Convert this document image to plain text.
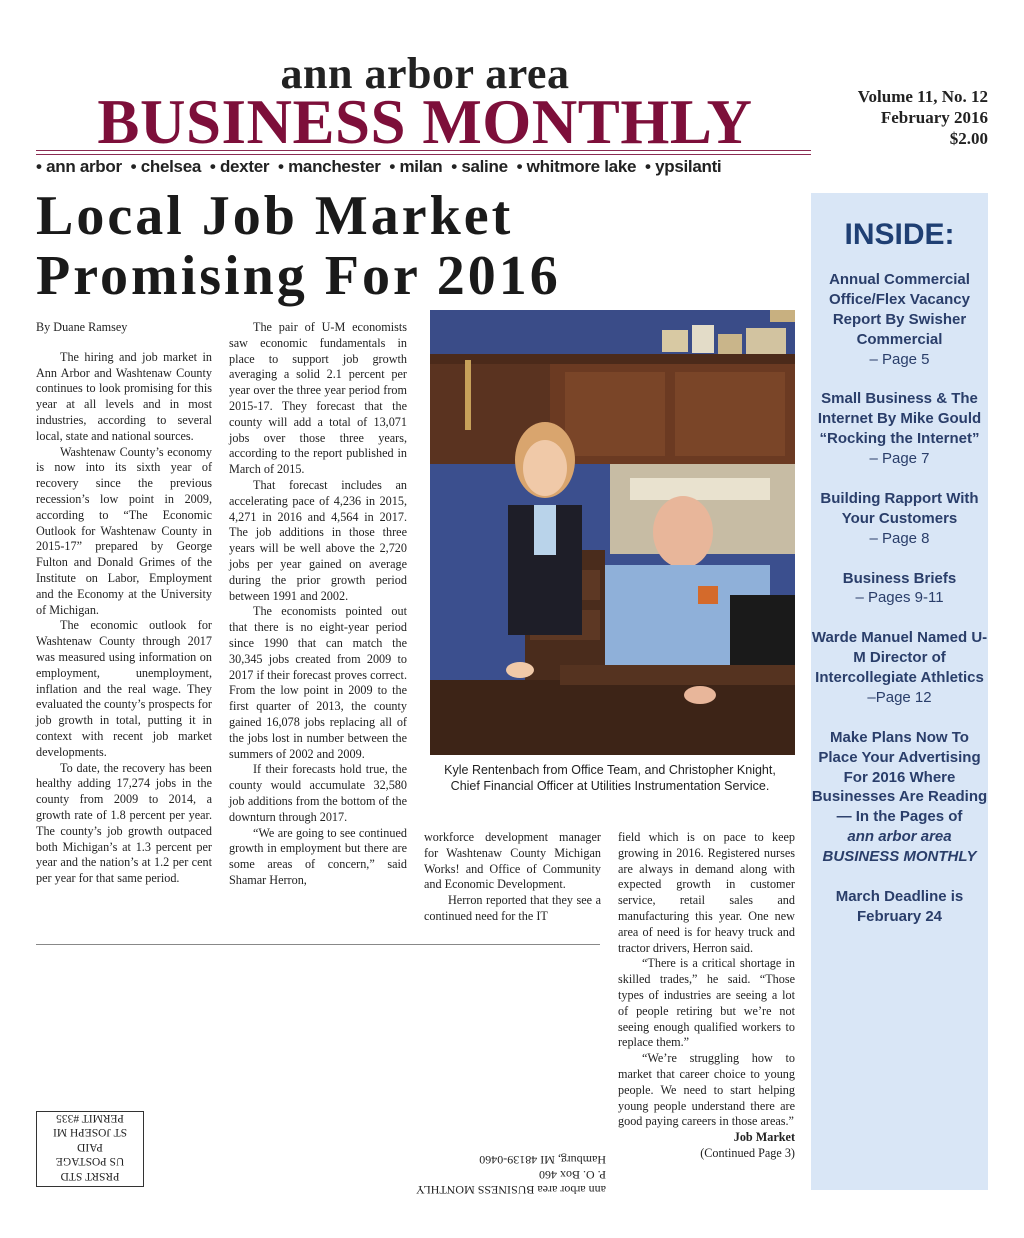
ann arbor area
BUSINESS MONTHLY
• ann arbor  • chelsea  • dexter  • manchester  • milan  • saline  • whitmore lake  • ypsilanti
Volume 11, No. 12
February 2016
$2.00
Local Job Market
Promising For 2016

By Duane Ramsey

The hiring and job market in Ann Arbor and Washtenaw County continues to look promising for this year at all levels and in most industries, according to several local, state and national sources.

Washtenaw County’s economy is now into its sixth year of recovery since the previous recession’s low point in 2009, according to “The Economic Outlook for Washtenaw County in 2015-17” prepared by George Fulton and Donald Grimes of the Institute on Labor, Employment and the Economy at the University of Michigan.

The economic outlook for Washtenaw County through 2017 was measured using information on employment, unemployment, inflation and the real wage. They evaluated the county’s prospects for job growth in total, putting it in context with recent job market developments.

To date, the recovery has been healthy adding 17,274 jobs in the county from 2009 to 2014, a growth rate of 1.8 percent per year. The county’s job growth outpaced both Michigan’s at 1.3 percent per year and the nation’s at 1.2 per cent per year for that same period.

The pair of U-M economists saw economic fundamentals in place to support job growth averaging a solid 2.1 percent per year over the three year period from 2015-17. They forecast that the county will add a total of 13,071 jobs over those three years, according to the report published in March of 2015.

That forecast includes an accelerating pace of 4,236 in 2015, 4,271 in 2016 and 4,564 in 2017. The job additions in those three years will be well above the 2,720 jobs per year gained on average during the prior growth period between 1991 and 2002.

The economists pointed out that there is no eight-year period since 1990 that can match the 30,345 jobs created from 2009 to 2017 if their forecast proves correct. From the low point in 2009 to the first quarter of 2013, the county gained 16,078 jobs replacing all of the jobs lost in number between the summers of 2002 and 2009.

If their forecasts hold true, the county would accumulate 32,580 job additions from the bottom of the downturn through 2017.

“We are going to see continued growth in employment but there are some areas of concern,” said Shamar Herron,

Kyle Rentenbach from Office Team, and Christopher Knight,
Chief Financial Officer at Utilities Instrumentation Service.

workforce development manager for Washtenaw County Michigan Works! and Office of Community and Economic Development.

Herron reported that they see a continued need for the IT

field which is on pace to keep growing in 2016. Registered nurses are always in demand along with expected growth in customer service, retail sales and manufacturing this year. One new area of need is for heavy truck and tractor drivers, Herron said.

“There is a critical shortage in skilled trades,” he said. “Those types of industries are seeing a lot of people retiring but we’re not seeing enough qualified workers to replace them.”

“We’re struggling how to market that career choice to young people. We need to start helping young people understand there are good paying careers in those areas.”

Job Market
(Continued Page 3)
INSIDE:
Annual Commercial Office/Flex Vacancy Report By Swisher Commercial
– Page 5
Small Business & The Internet By Mike Gould “Rocking the Internet”
– Page 7
Building Rapport With Your Customers
– Page 8
Business Briefs
– Pages 9-11
Warde Manuel Named U-M Director of Intercollegiate Athletics
–Page 12
Make Plans Now To Place Your Advertising For 2016 Where Businesses Are Reading— In the Pages of
ann arbor area
BUSINESS MONTHLY
March Deadline is February 24
PRSRT STD
US POSTAGE
PAID
ST JOSEPH MI
PERMIT #335
ann arbor area BUSINESS MONTHLY
P. O. Box 460
Hamburg, MI 48139-0460
